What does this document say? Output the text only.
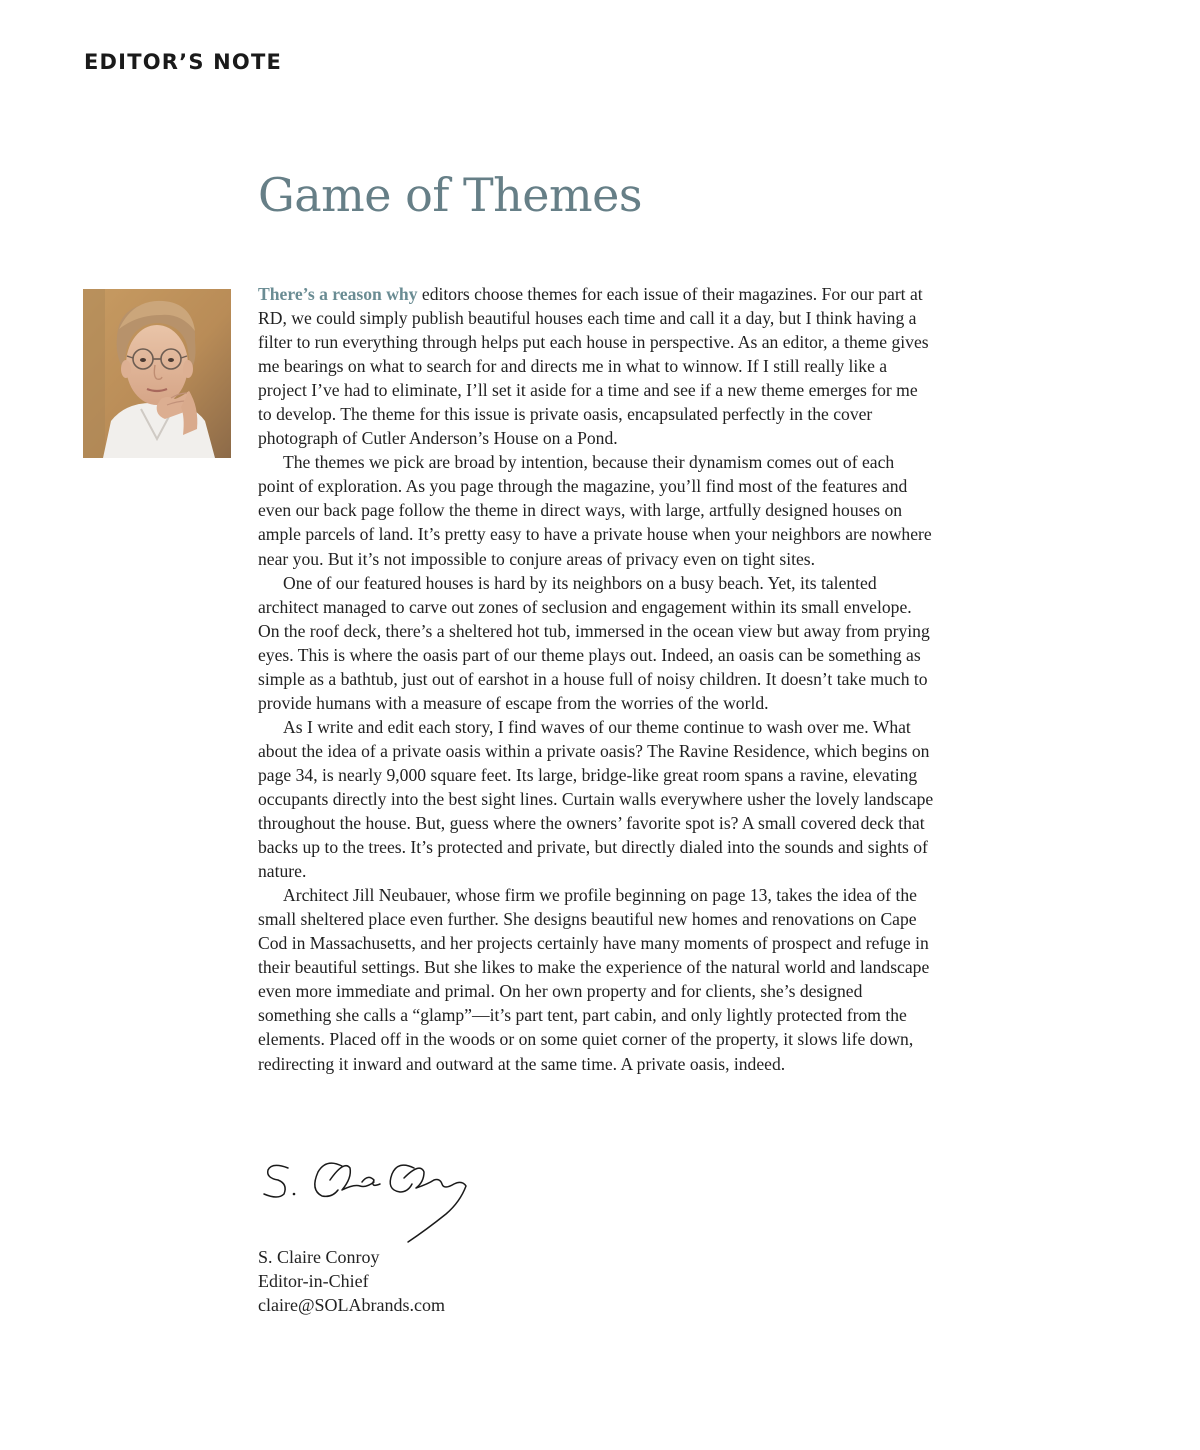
EDITOR’S NOTE
Game of Themes

There’s a reason why editors choose themes for each issue of their magazines. For our part at RD, we could simply publish beautiful houses each time and call it a day, but I think having a filter to run everything through helps put each house in perspective. As an editor, a theme gives me bearings on what to search for and directs me in what to winnow. If I still really like a project I’ve had to eliminate, I’ll set it aside for a time and see if a new theme emerges for me to develop. The theme for this issue is private oasis, encapsulated perfectly in the cover photograph of Cutler Anderson’s House on a Pond.

The themes we pick are broad by intention, because their dynamism comes out of each point of exploration. As you page through the magazine, you’ll find most of the features and even our back page follow the theme in direct ways, with large, artfully designed houses on ample parcels of land. It’s pretty easy to have a private house when your neighbors are nowhere near you. But it’s not impossible to conjure areas of privacy even on tight sites.

One of our featured houses is hard by its neighbors on a busy beach. Yet, its talented architect managed to carve out zones of seclusion and engagement within its small envelope. On the roof deck, there’s a sheltered hot tub, immersed in the ocean view but away from prying eyes. This is where the oasis part of our theme plays out. Indeed, an oasis can be something as simple as a bathtub, just out of earshot in a house full of noisy children. It doesn’t take much to provide humans with a measure of escape from the worries of the world.

As I write and edit each story, I find waves of our theme continue to wash over me. What about the idea of a private oasis within a private oasis? The Ravine Residence, which begins on page 34, is nearly 9,000 square feet. Its large, bridge-like great room spans a ravine, elevating occupants directly into the best sight lines. Curtain walls everywhere usher the lovely landscape throughout the house. But, guess where the owners’ favorite spot is? A small covered deck that backs up to the trees. It’s protected and private, but directly dialed into the sounds and sights of nature.

Architect Jill Neubauer, whose firm we profile beginning on page 13, takes the idea of the small sheltered place even further. She designs beautiful new homes and renovations on Cape Cod in Massachusetts, and her projects certainly have many moments of prospect and refuge in their beautiful settings. But she likes to make the experience of the natural world and landscape even more immediate and primal. On her own property and for clients, she’s designed something she calls a “glamp”—it’s part tent, part cabin, and only lightly protected from the elements. Placed off in the woods or on some quiet corner of the property, it slows life down, redirecting it inward and outward at the same time. A private oasis, indeed.

S. Claire Conroy
Editor-in-Chief
claire@SOLAbrands.com
